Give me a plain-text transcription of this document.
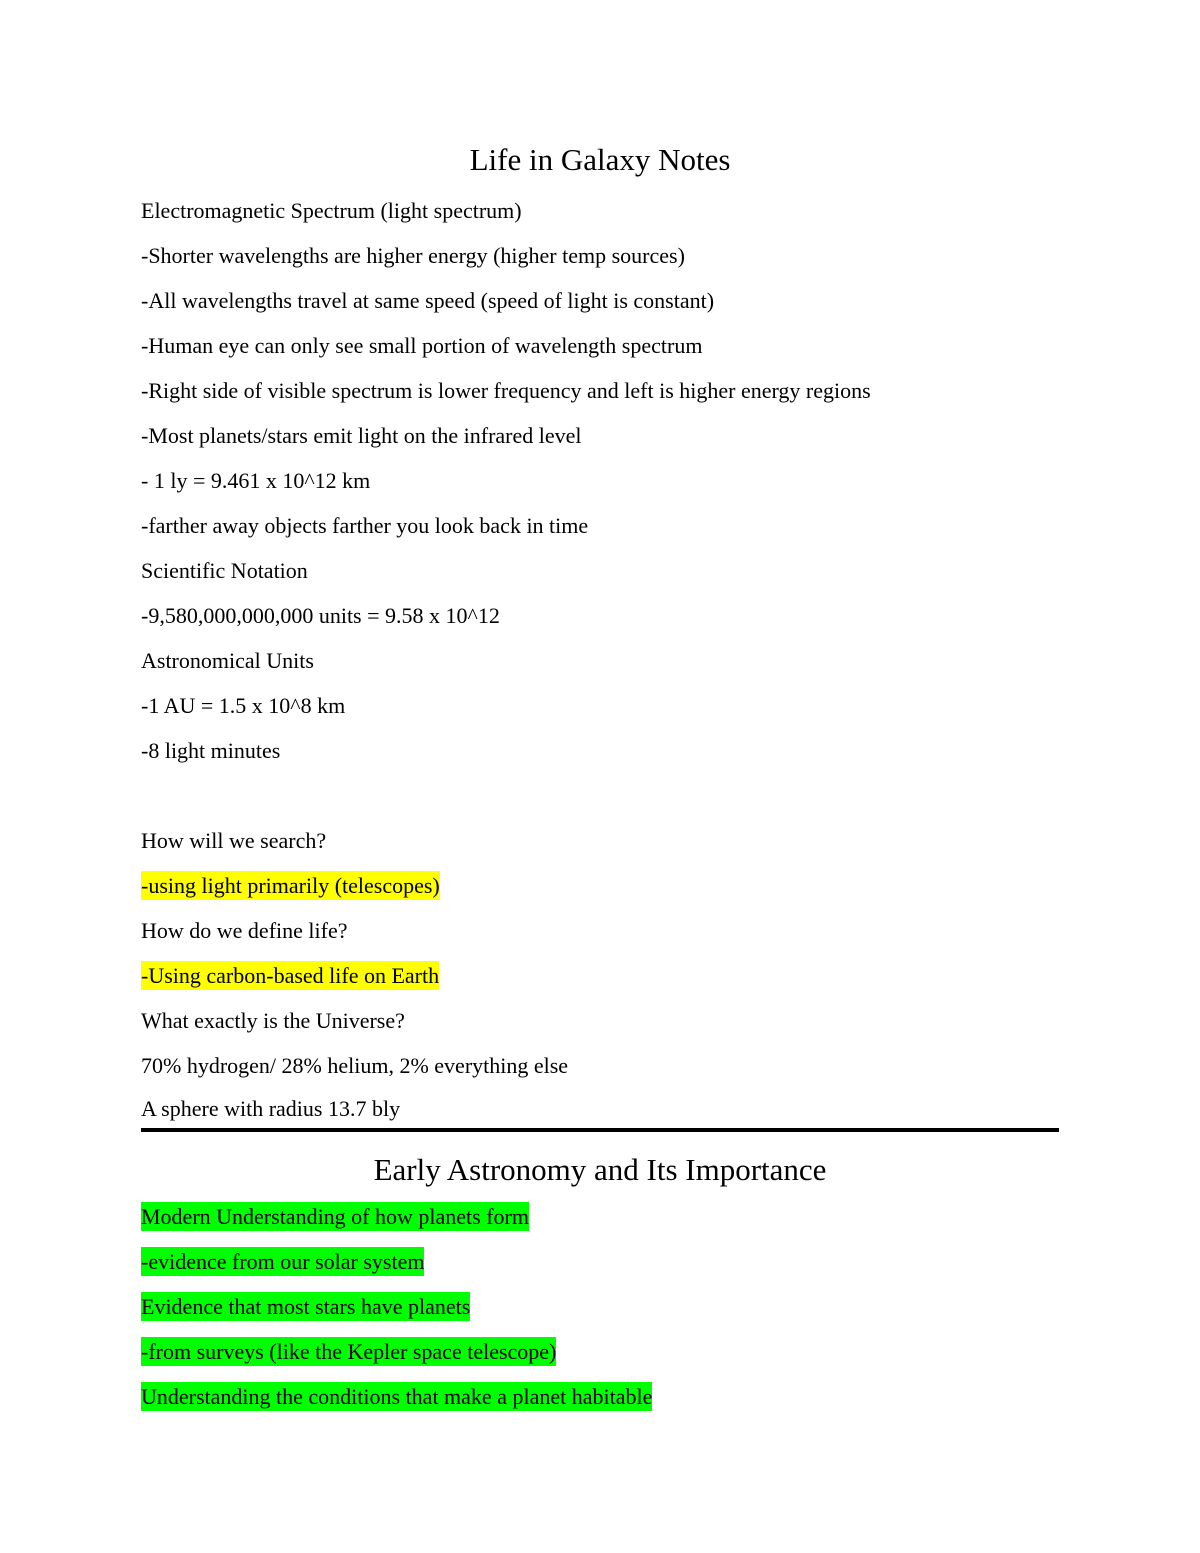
Life in Galaxy Notes
Electromagnetic Spectrum (light spectrum)
-Shorter wavelengths are higher energy (higher temp sources)
-All wavelengths travel at same speed (speed of light is constant)
-Human eye can only see small portion of wavelength spectrum
-Right side of visible spectrum is lower frequency and left is higher energy regions
-Most planets/stars emit light on the infrared level
- 1 ly = 9.461 x 10^12 km
-farther away objects farther you look back in time
Scientific Notation
-9,580,000,000,000 units = 9.58 x 10^12
Astronomical Units
-1 AU = 1.5 x 10^8 km
-8 light minutes
How will we search?
-using light primarily (telescopes)
How do we define life?
-Using carbon-based life on Earth
What exactly is the Universe?
70% hydrogen/ 28% helium, 2% everything else
A sphere with radius 13.7 bly
Early Astronomy and Its Importance
Modern Understanding of how planets form
-evidence from our solar system
Evidence that most stars have planets
-from surveys (like the Kepler space telescope)
Understanding the conditions that make a planet habitable
